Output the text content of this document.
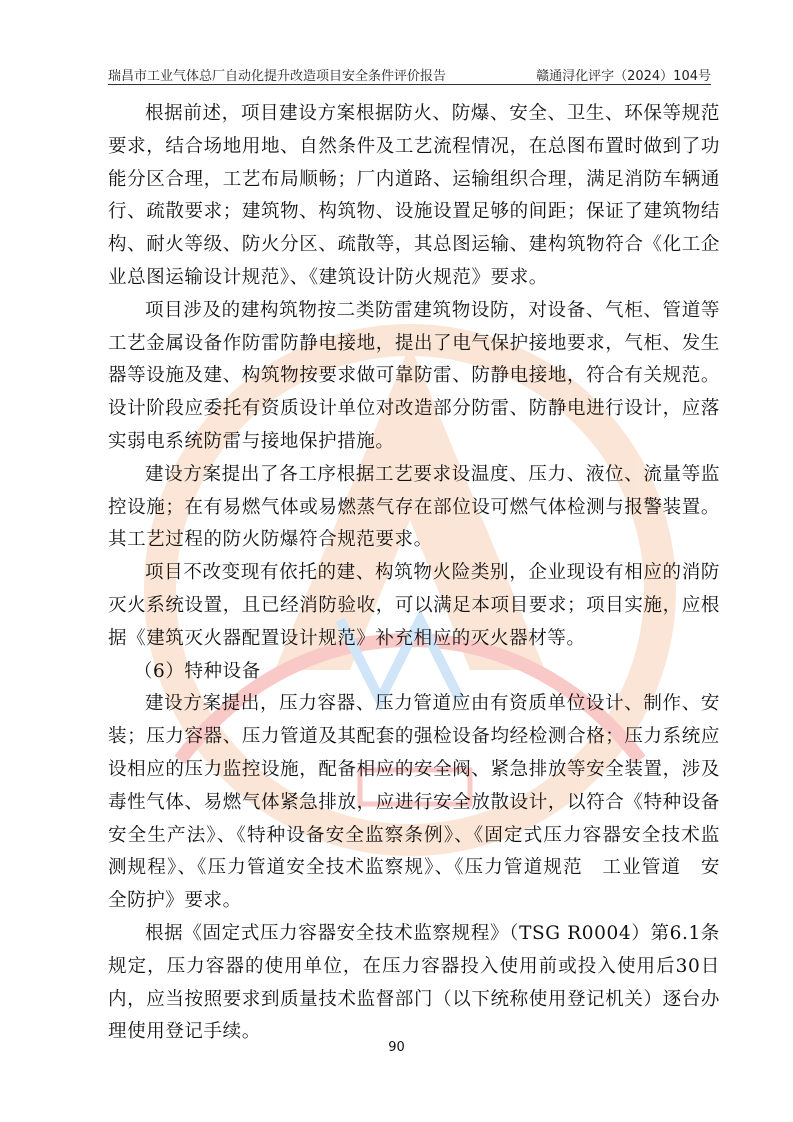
瑞昌市工业气体总厂自动化提升改造项目安全条件评价报告	赣通浔化评字（2024）104号

根据前述，项目建设方案根据防火、防爆、安全、卫生、环保等规范要求，结合场地用地、自然条件及工艺流程情况，在总图布置时做到了功能分区合理，工艺布局顺畅；厂内道路、运输组织合理，满足消防车辆通行、疏散要求；建筑物、构筑物、设施设置足够的间距；保证了建筑物结构、耐火等级、防火分区、疏散等，其总图运输、建构筑物符合《化工企业总图运输设计规范》、《建筑设计防火规范》要求。

项目涉及的建构筑物按二类防雷建筑物设防，对设备、气柜、管道等工艺金属设备作防雷防静电接地，提出了电气保护接地要求，气柜、发生器等设施及建、构筑物按要求做可靠防雷、防静电接地，符合有关规范。设计阶段应委托有资质设计单位对改造部分防雷、防静电进行设计，应落实弱电系统防雷与接地保护措施。

建设方案提出了各工序根据工艺要求设温度、压力、液位、流量等监控设施；在有易燃气体或易燃蒸气存在部位设可燃气体检测与报警装置。其工艺过程的防火防爆符合规范要求。

项目不改变现有依托的建、构筑物火险类别，企业现设有相应的消防灭火系统设置，且已经消防验收，可以满足本项目要求；项目实施，应根据《建筑灭火器配置设计规范》补充相应的灭火器材等。

（6）特种设备

建设方案提出，压力容器、压力管道应由有资质单位设计、制作、安装；压力容器、压力管道及其配套的强检设备均经检测合格；压力系统应设相应的压力监控设施，配备相应的安全阀、紧急排放等安全装置，涉及毒性气体、易燃气体紧急排放，应进行安全放散设计，以符合《特种设备安全生产法》、《特种设备安全监察条例》、《固定式压力容器安全技术监测规程》、《压力管道安全技术监察规》、《压力管道规范　工业管道　安全防护》要求。

根据《固定式压力容器安全技术监察规程》（TSG R0004）第6.1条规定，压力容器的使用单位，在压力容器投入使用前或投入使用后30日内，应当按照要求到质量技术监督部门（以下统称使用登记机关）逐台办理使用登记手续。

90
